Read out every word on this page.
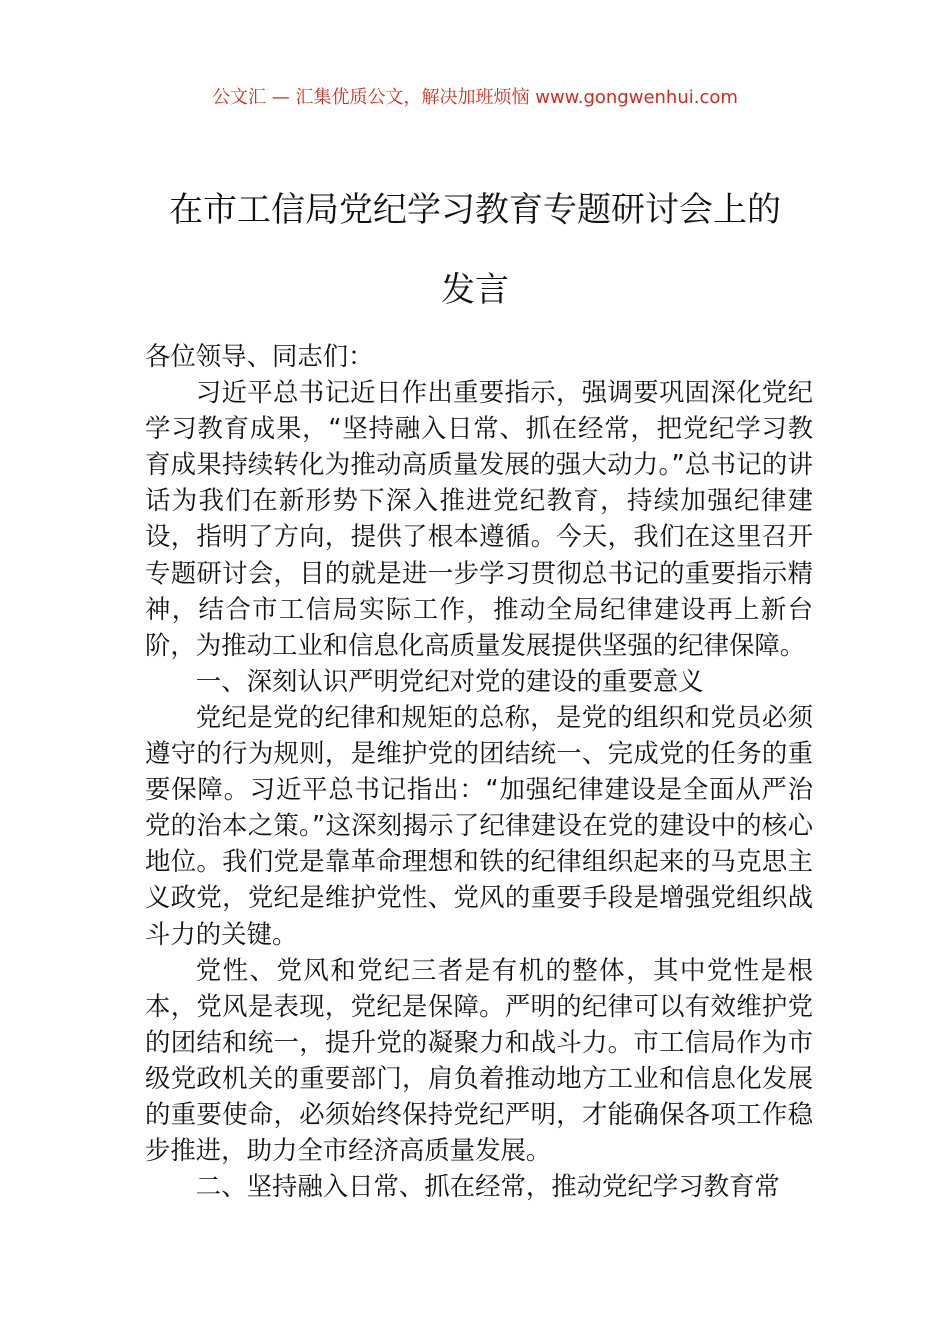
公文汇 — 汇集优质公文，解决加班烦恼 www.gongwenhui.com
在市工信局党纪学习教育专题研讨会上的
发言

各位领导、同志们：

习近平总书记近日作出重要指示，强调要巩固深化党纪学习教育成果，“坚持融入日常、抓在经常，把党纪学习教育成果持续转化为推动高质量发展的强大动力。”总书记的讲话为我们在新形势下深入推进党纪教育，持续加强纪律建设，指明了方向，提供了根本遵循。今天，我们在这里召开专题研讨会，目的就是进一步学习贯彻总书记的重要指示精神，结合市工信局实际工作，推动全局纪律建设再上新台阶，为推动工业和信息化高质量发展提供坚强的纪律保障。

一、深刻认识严明党纪对党的建设的重要意义

党纪是党的纪律和规矩的总称，是党的组织和党员必须遵守的行为规则，是维护党的团结统一、完成党的任务的重要保障。习近平总书记指出：“加强纪律建设是全面从严治党的治本之策。”这深刻揭示了纪律建设在党的建设中的核心地位。我们党是靠革命理想和铁的纪律组织起来的马克思主义政党，党纪是维护党性、党风的重要手段是增强党组织战斗力的关键。

党性、党风和党纪三者是有机的整体，其中党性是根本，党风是表现，党纪是保障。严明的纪律可以有效维护党的团结和统一，提升党的凝聚力和战斗力。市工信局作为市级党政机关的重要部门，肩负着推动地方工业和信息化发展的重要使命，必须始终保持党纪严明，才能确保各项工作稳步推进，助力全市经济高质量发展。

二、坚持融入日常、抓在经常，推动党纪学习教育常
